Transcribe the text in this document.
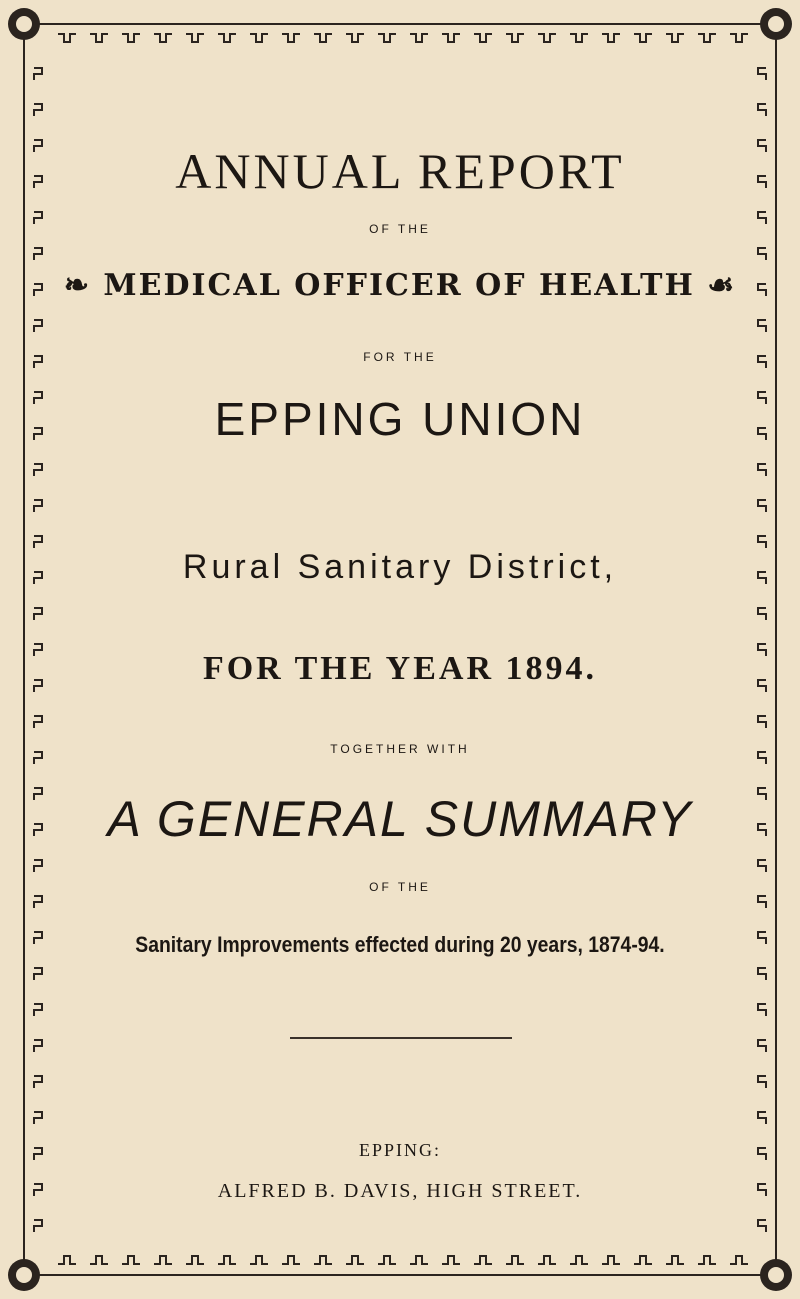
ANNUAL REPORT
OF THE
❧ MEDICAL OFFICER OF HEALTH ☙
FOR THE
EPPING UNION
Rural Sanitary District,
FOR THE YEAR 1894.
TOGETHER WITH
A GENERAL SUMMARY
OF THE
Sanitary Improvements effected during 20 years, 1874-94.
EPPING:
ALFRED B. DAVIS, HIGH STREET.
